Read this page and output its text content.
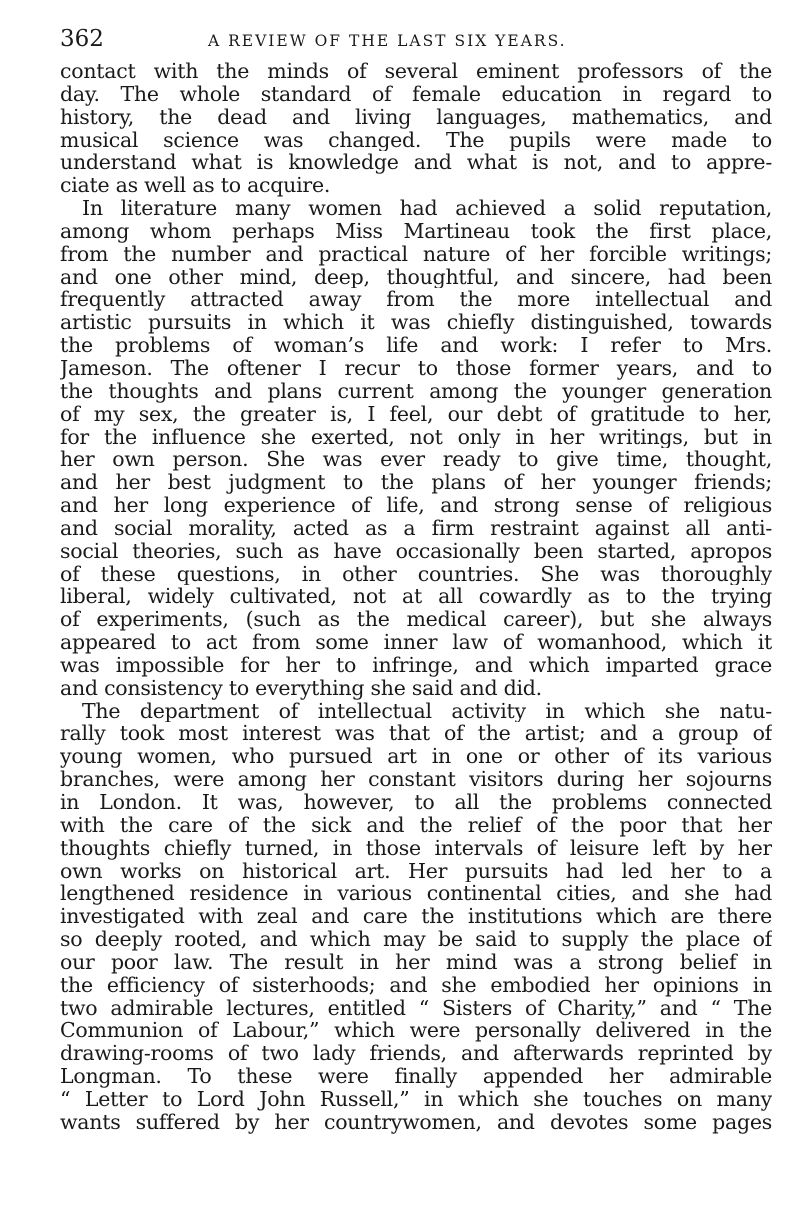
362	A REVIEW OF THE LAST SIX YEARS.
contact with the minds of several eminent professors of the
day. The whole standard of female education in regard to
history, the dead and living languages, mathematics, and
musical science was changed. The pupils were made to
understand what is knowledge and what is not, and to appre-
ciate as well as to acquire.
In literature many women had achieved a solid reputation,
among whom perhaps Miss Martineau took the first place,
from the number and practical nature of her forcible writings;
and one other mind, deep, thoughtful, and sincere, had been
frequently attracted away from the more intellectual and
artistic pursuits in which it was chiefly distinguished, towards
the problems of woman’s life and work: I refer to Mrs.
Jameson. The oftener I recur to those former years, and to
the thoughts and plans current among the younger generation
of my sex, the greater is, I feel, our debt of gratitude to her,
for the influence she exerted, not only in her writings, but in
her own person. She was ever ready to give time, thought,
and her best judgment to the plans of her younger friends;
and her long experience of life, and strong sense of religious
and social morality, acted as a firm restraint against all anti-
social theories, such as have occasionally been started, apropos
of these questions, in other countries. She was thoroughly
liberal, widely cultivated, not at all cowardly as to the trying
of experiments, (such as the medical career), but she always
appeared to act from some inner law of womanhood, which it
was impossible for her to infringe, and which imparted grace
and consistency to everything she said and did.
The department of intellectual activity in which she natu-
rally took most interest was that of the artist; and a group of
young women, who pursued art in one or other of its various
branches, were among her constant visitors during her sojourns
in London. It was, however, to all the problems connected
with the care of the sick and the relief of the poor that her
thoughts chiefly turned, in those intervals of leisure left by her
own works on historical art. Her pursuits had led her to a
lengthened residence in various continental cities, and she had
investigated with zeal and care the institutions which are there
so deeply rooted, and which may be said to supply the place of
our poor law. The result in her mind was a strong belief in
the efficiency of sisterhoods; and she embodied her opinions in
two admirable lectures, entitled “ Sisters of Charity,” and “ The
Communion of Labour,” which were personally delivered in the
drawing-rooms of two lady friends, and afterwards reprinted by
Longman. To these were finally appended her admirable
“ Letter to Lord John Russell,” in which she touches on many
wants suffered by her countrywomen, and devotes some pages
